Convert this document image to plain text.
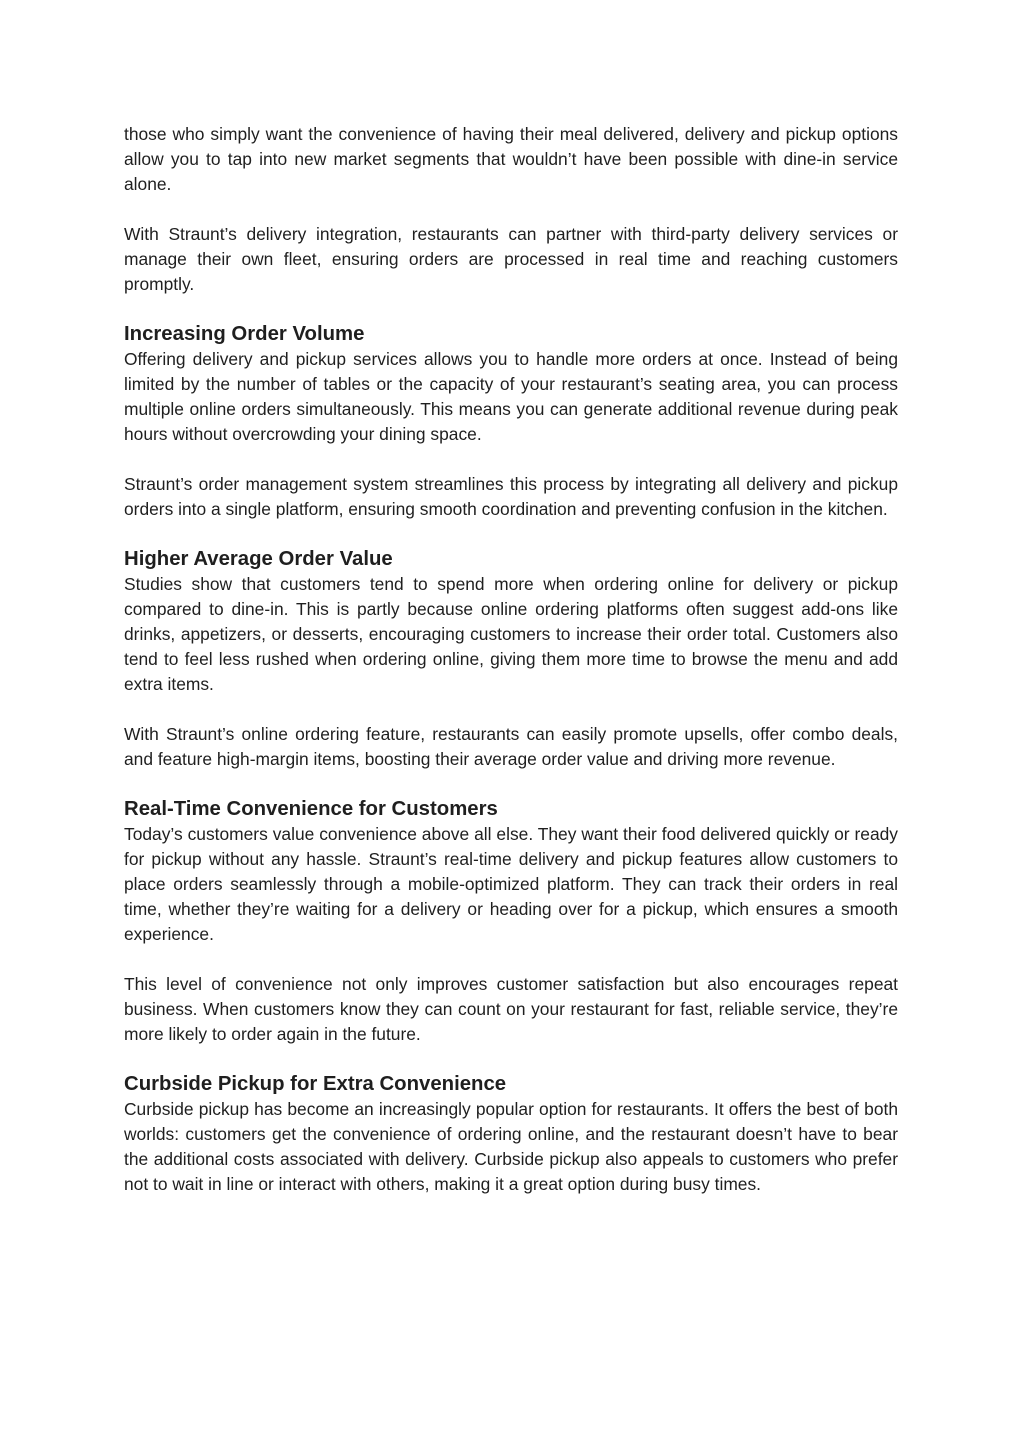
those who simply want the convenience of having their meal delivered, delivery and pickup options allow you to tap into new market segments that wouldn’t have been possible with dine-in service alone.

With Straunt’s delivery integration, restaurants can partner with third-party delivery services or manage their own fleet, ensuring orders are processed in real time and reaching customers promptly.

Increasing Order Volume

Offering delivery and pickup services allows you to handle more orders at once. Instead of being limited by the number of tables or the capacity of your restaurant’s seating area, you can process multiple online orders simultaneously. This means you can generate additional revenue during peak hours without overcrowding your dining space.

Straunt’s order management system streamlines this process by integrating all delivery and pickup orders into a single platform, ensuring smooth coordination and preventing confusion in the kitchen.

Higher Average Order Value

Studies show that customers tend to spend more when ordering online for delivery or pickup compared to dine-in. This is partly because online ordering platforms often suggest add-ons like drinks, appetizers, or desserts, encouraging customers to increase their order total. Customers also tend to feel less rushed when ordering online, giving them more time to browse the menu and add extra items.

With Straunt’s online ordering feature, restaurants can easily promote upsells, offer combo deals, and feature high-margin items, boosting their average order value and driving more revenue.

Real-Time Convenience for Customers

Today’s customers value convenience above all else. They want their food delivered quickly or ready for pickup without any hassle. Straunt’s real-time delivery and pickup features allow customers to place orders seamlessly through a mobile-optimized platform. They can track their orders in real time, whether they’re waiting for a delivery or heading over for a pickup, which ensures a smooth experience.

This level of convenience not only improves customer satisfaction but also encourages repeat business. When customers know they can count on your restaurant for fast, reliable service, they’re more likely to order again in the future.

Curbside Pickup for Extra Convenience

Curbside pickup has become an increasingly popular option for restaurants. It offers the best of both worlds: customers get the convenience of ordering online, and the restaurant doesn’t have to bear the additional costs associated with delivery. Curbside pickup also appeals to customers who prefer not to wait in line or interact with others, making it a great option during busy times.
